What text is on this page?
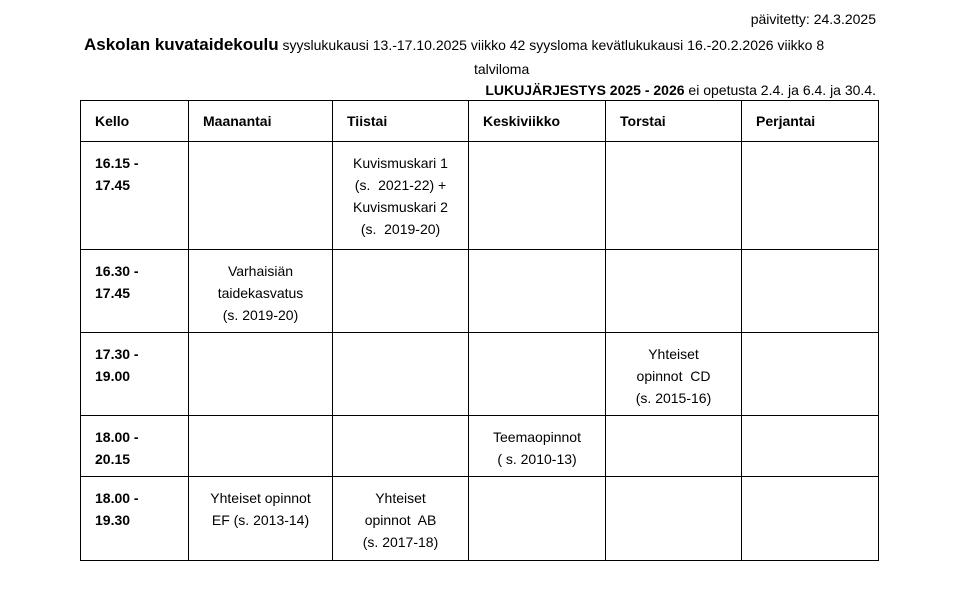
päivitetty: 24.3.2025
Askolan kuvataidekoulu syyslukukausi 13.-17.10.2025 viikko 42 syysloma kevätlukukausi 16.-20.2.2026 viikko 8
talviloma
LUKUJÄRJESTYS 2025 - 2026 ei opetusta 2.4. ja 6.4. ja 30.4.
Kello	Maanantai	Tiistai	Keskiviikko	Torstai	Perjantai

16.15 -
17.45		Kuvismuskari 1
(s.  2021-22) +
Kuvismuskari 2
(s.  2019-20)			

16.30 -
17.45	Varhaisiän
taidekasvatus
(s. 2019-20)				

17.30 -
19.00				Yhteiset
opinnot  CD
(s. 2015-16)	

18.00 -
20.15			Teemaopinnot
( s. 2010-13)		

18.00 -
19.30	Yhteiset opinnot
EF (s. 2013-14)	Yhteiset
opinnot  AB
(s. 2017-18)			
